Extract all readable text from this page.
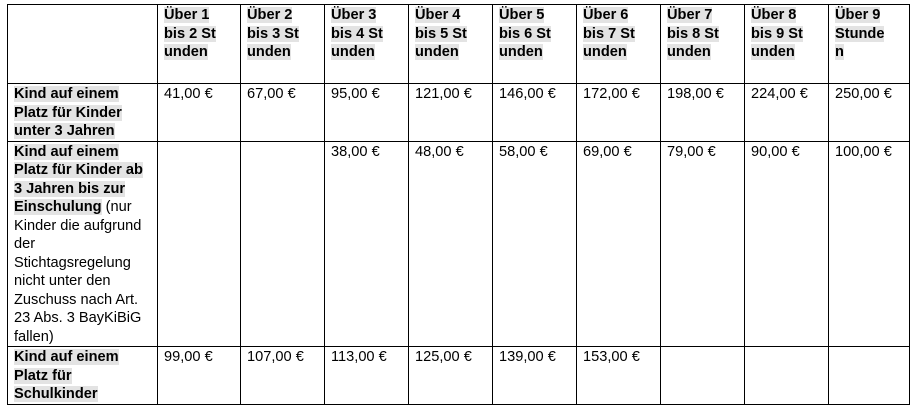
	Über 1 bis 2 Stunden	Über 2 bis 3 Stunden	Über 3 bis 4 Stunden	Über 4 bis 5 Stunden	Über 5 bis 6 Stunden	Über 6 bis 7 Stunden	Über 7 bis 8 Stunden	Über 8 bis 9 Stunden	Über 9 Stunden

Kind auf einem Platz für Kinder unter 3 Jahren	41,00 €	67,00 €	95,00 €	121,00 €	146,00 €	172,00 €	198,00 €	224,00 €	250,00 €
Kind auf einem Platz für Kinder ab 3 Jahren bis zur Einschulung (nur Kinder die aufgrund der Stichtagsregelung nicht unter den Zuschuss nach Art. 23 Abs. 3 BayKiBiG fallen)			38,00 €	48,00 €	58,00 €	69,00 €	79,00 €	90,00 €	100,00 €
Kind auf einem Platz für Schulkinder	99,00 €	107,00 €	113,00 €	125,00 €	139,00 €	153,00 €			
